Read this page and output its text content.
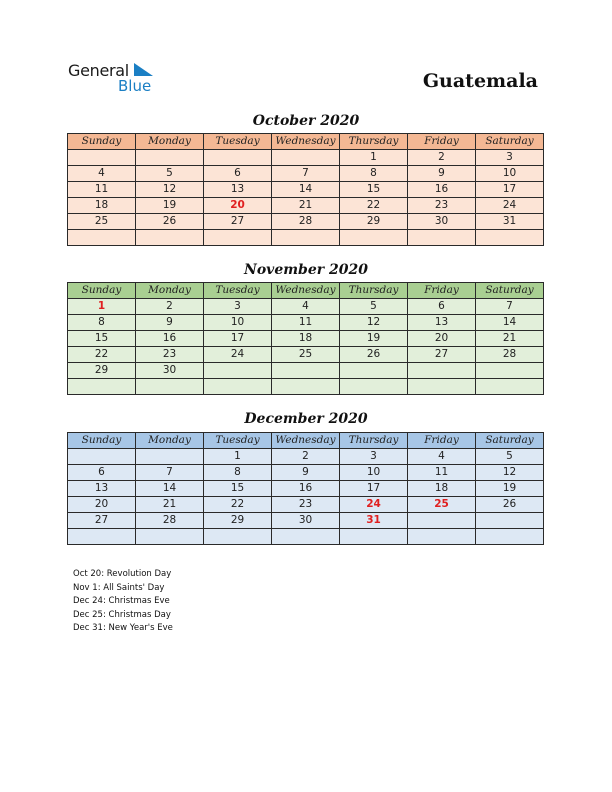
General
Blue	Guatemala
October 2020
Sunday	Monday	Tuesday	Wednesday	Thursday	Friday	Saturday
				1	2	3
4	5	6	7	8	9	10
11	12	13	14	15	16	17
18	19	20	21	22	23	24
25	26	27	28	29	30	31

November 2020
Sunday	Monday	Tuesday	Wednesday	Thursday	Friday	Saturday
1	2	3	4	5	6	7
8	9	10	11	12	13	14
15	16	17	18	19	20	21
22	23	24	25	26	27	28
29	30					

December 2020
Sunday	Monday	Tuesday	Wednesday	Thursday	Friday	Saturday
		1	2	3	4	5
6	7	8	9	10	11	12
13	14	15	16	17	18	19
20	21	22	23	24	25	26
27	28	29	30	31		

Oct 20: Revolution Day
Nov 1: All Saints' Day
Dec 24: Christmas Eve
Dec 25: Christmas Day
Dec 31: New Year's Eve
